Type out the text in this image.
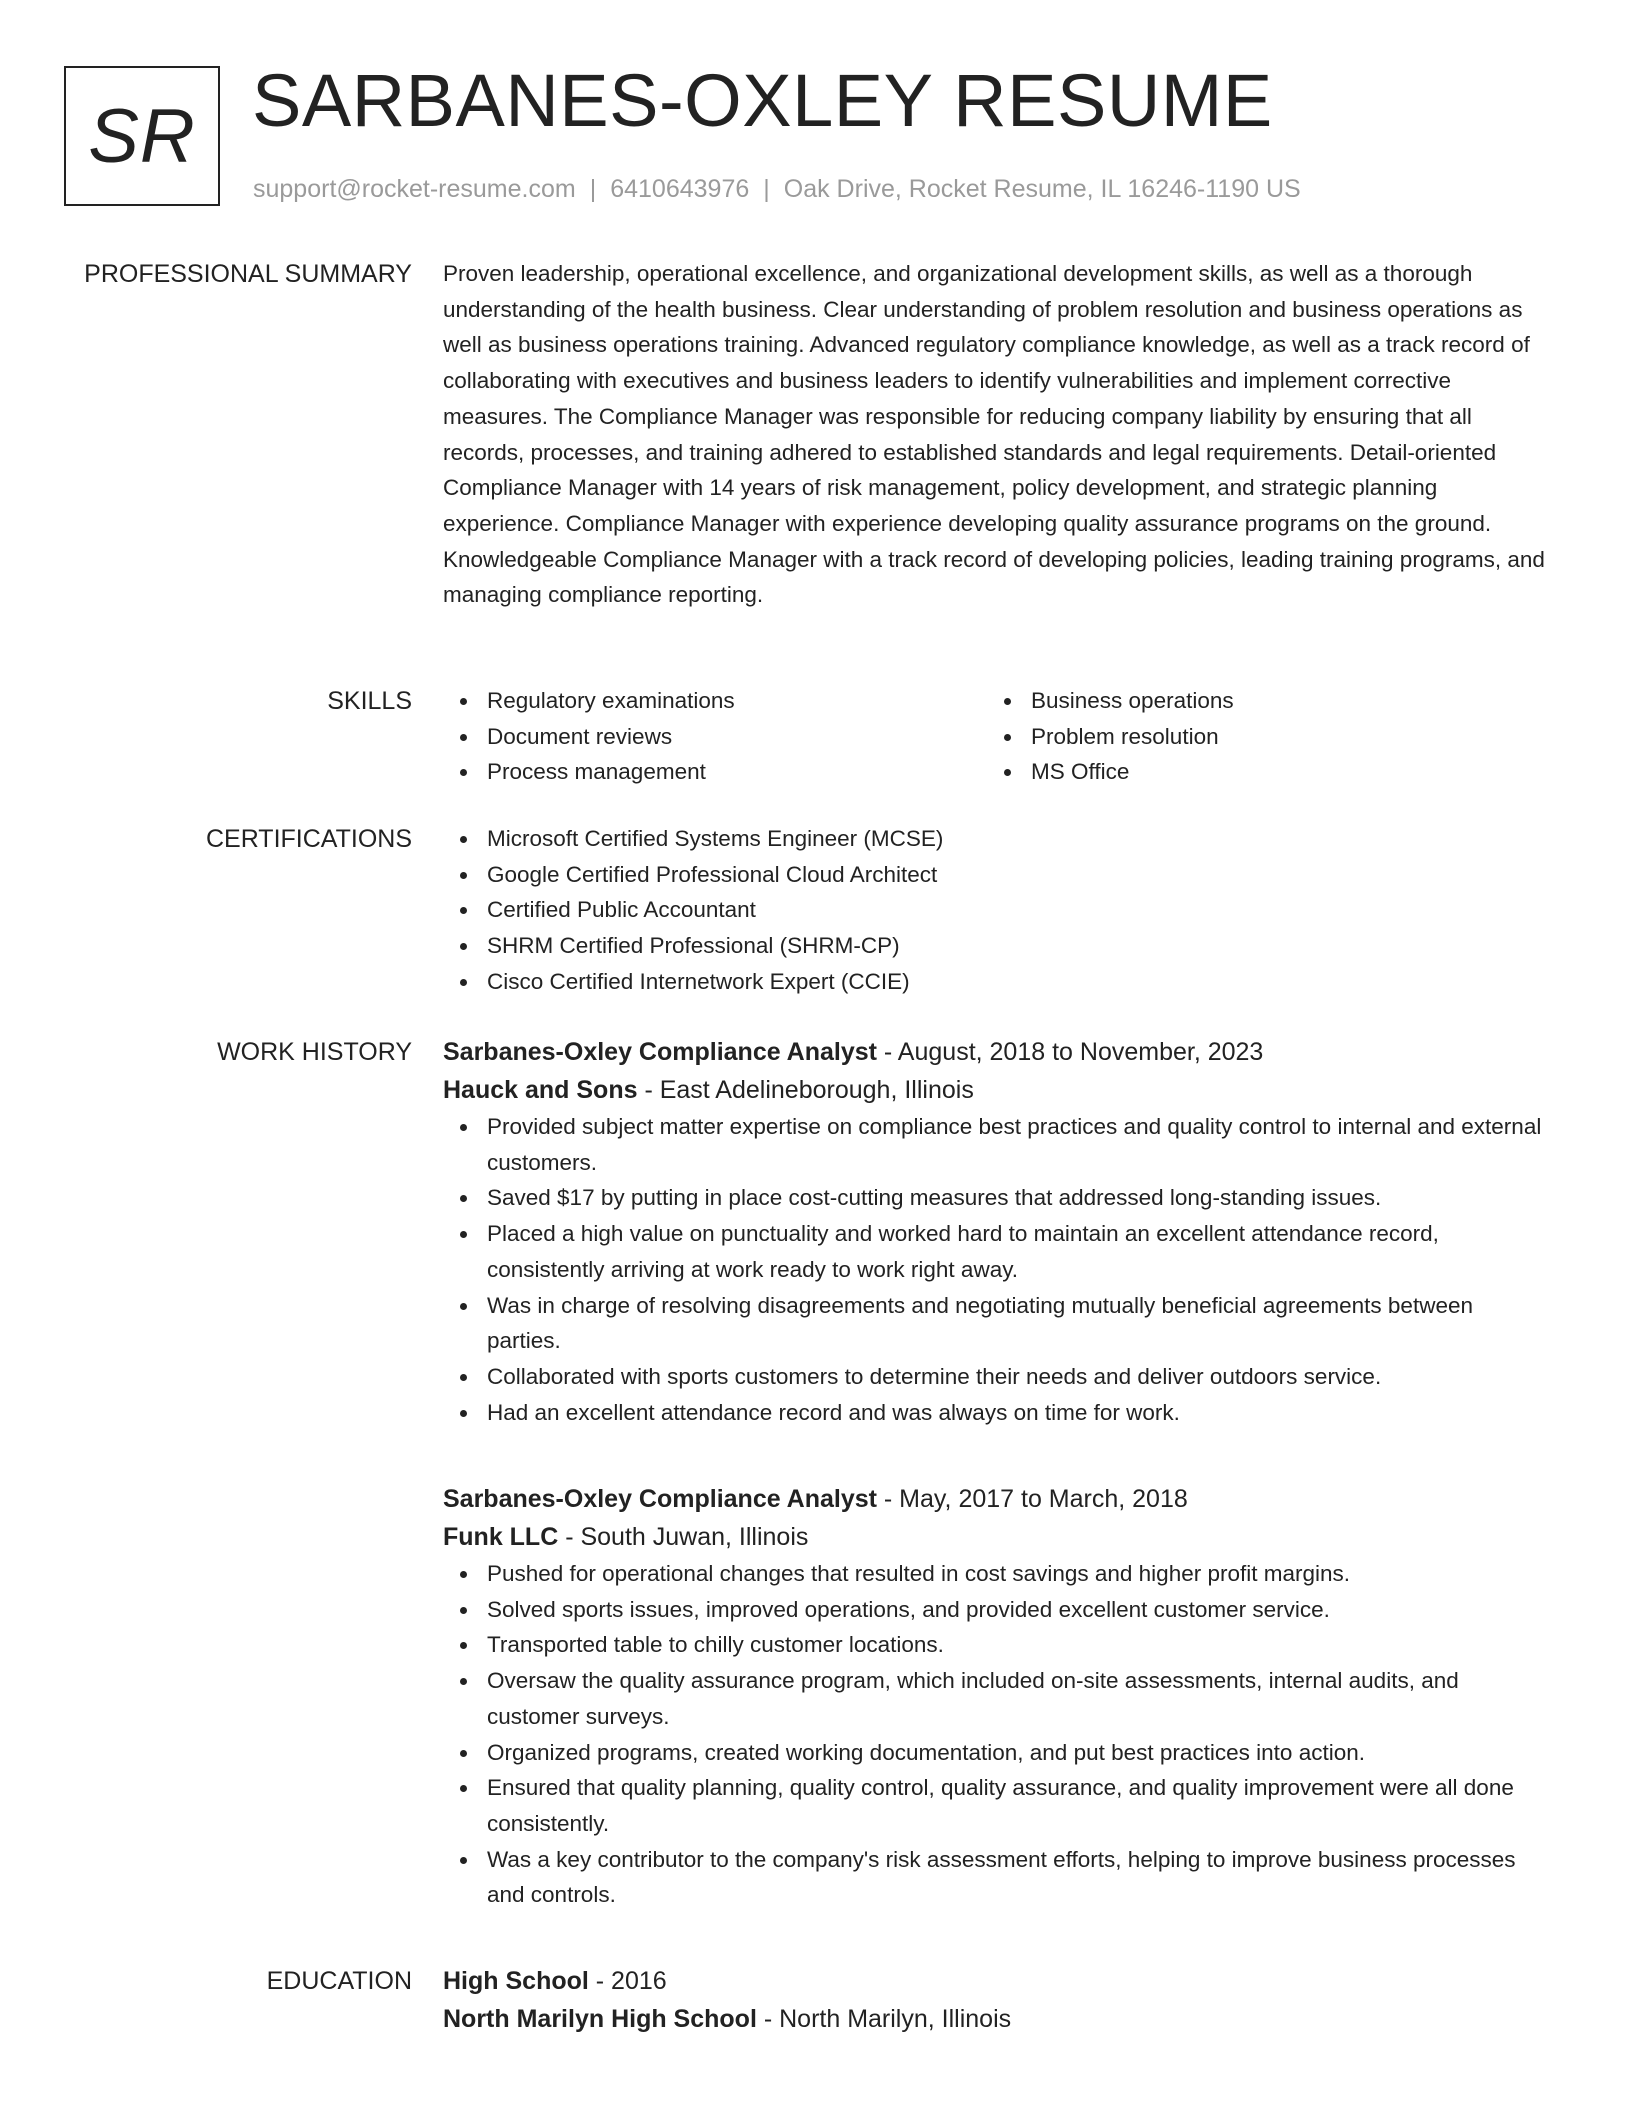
SR SARBANES-OXLEY RESUME
support@rocket-resume.com | 6410643976 | Oak Drive, Rocket Resume, IL 16246-1190 US
PROFESSIONAL SUMMARY Proven leadership, operational excellence, and organizational development skills, as well as a thorough understanding of the health business. Clear understanding of problem resolution and business operations as well as business operations training. Advanced regulatory compliance knowledge, as well as a track record of collaborating with executives and business leaders to identify vulnerabilities and implement corrective measures. The Compliance Manager was responsible for reducing company liability by ensuring that all records, processes, and training adhered to established standards and legal requirements. Detail-oriented Compliance Manager with 14 years of risk management, policy development, and strategic planning experience. Compliance Manager with experience developing quality assurance programs on the ground. Knowledgeable Compliance Manager with a track record of developing policies, leading training programs, and managing compliance reporting.

SKILLS	Regulatory examinations
Document reviews
Process management
Business operations
Problem resolution
MS Office
CERTIFICATIONS	Microsoft Certified Systems Engineer (MCSE)
Google Certified Professional Cloud Architect
Certified Public Accountant
SHRM Certified Professional (SHRM-CP)
Cisco Certified Internetwork Expert (CCIE)
WORK HISTORY Sarbanes-Oxley Compliance Analyst - August, 2018 to November, 2023
Hauck and Sons - East Adelineborough, Illinois
Provided subject matter expertise on compliance best practices and quality control to internal and external customers.
Saved $17 by putting in place cost-cutting measures that addressed long-standing issues.
Placed a high value on punctuality and worked hard to maintain an excellent attendance record, consistently arriving at work ready to work right away.
Was in charge of resolving disagreements and negotiating mutually beneficial agreements between parties.
Collaborated with sports customers to determine their needs and deliver outdoors service.
Had an excellent attendance record and was always on time for work.
Sarbanes-Oxley Compliance Analyst - May, 2017 to March, 2018
Funk LLC - South Juwan, Illinois
Pushed for operational changes that resulted in cost savings and higher profit margins.
Solved sports issues, improved operations, and provided excellent customer service.
Transported table to chilly customer locations.
Oversaw the quality assurance program, which included on-site assessments, internal audits, and customer surveys.
Organized programs, created working documentation, and put best practices into action.
Ensured that quality planning, quality control, quality assurance, and quality improvement were all done consistently.
Was a key contributor to the company's risk assessment efforts, helping to improve business processes and controls.
EDUCATION High School - 2016
North Marilyn High School - North Marilyn, Illinois
